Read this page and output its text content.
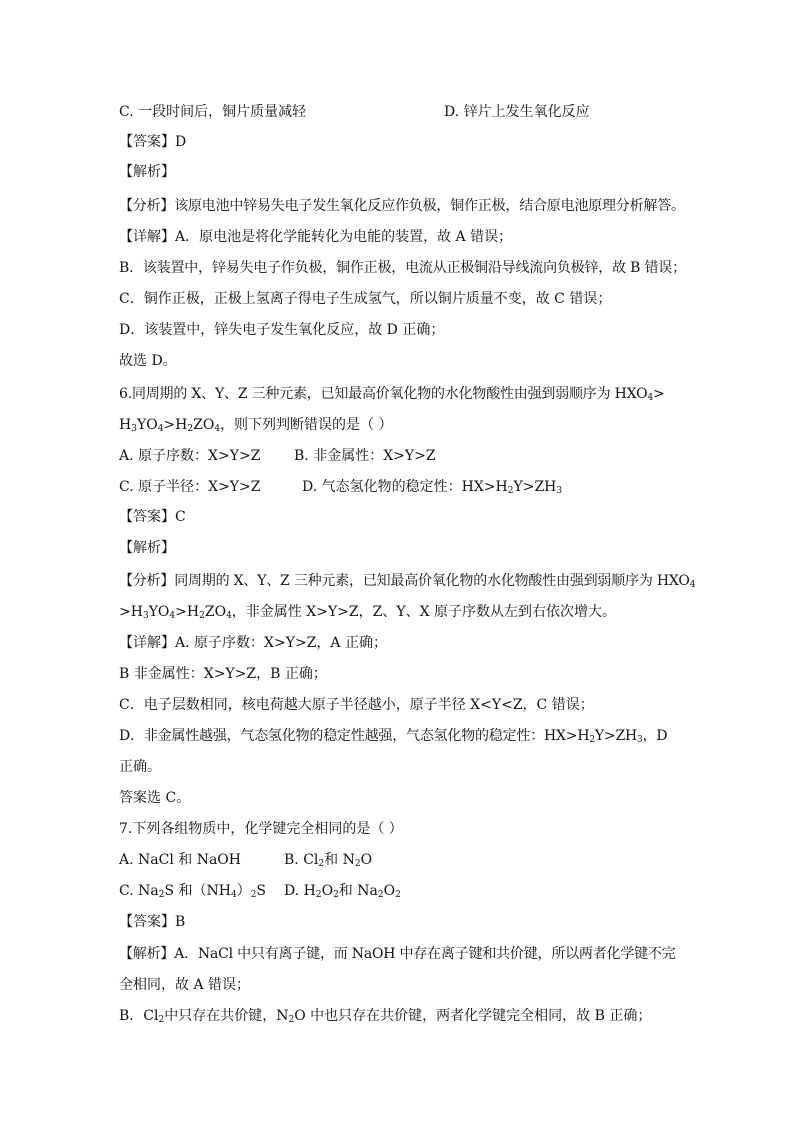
C. 一段时间后，铜片质量减轻	D. 锌片上发生氧化反应
【答案】D
【解析】
【分析】该原电池中锌易失电子发生氧化反应作负极，铜作正极，结合原电池原理分析解答。
【详解】A．原电池是将化学能转化为电能的装置，故 A 错误；
B．该装置中，锌易失电子作负极，铜作正极，电流从正极铜沿导线流向负极锌，故 B 错误；
C．铜作正极，正极上氢离子得电子生成氢气，所以铜片质量不变，故 C 错误；
D．该装置中，锌失电子发生氧化反应，故 D 正确；
故选 D。
6.同周期的 X、Y、Z 三种元素，已知最高价氧化物的水化物酸性由强到弱顺序为 $HXO_4>$
$H_3YO_4>H_2ZO_4$，则下列判断错误的是（ ）
A. 原子序数：X>Y>Z B. 非金属性：X>Y>Z
C. 原子半径：X>Y>Z	D. 气态氢化物的稳定性：$HX>H_2Y>ZH_3$
【答案】C
【解析】
【分析】同周期的 X、Y、Z 三种元素，已知最高价氧化物的水化物酸性由强到弱顺序为 $HXO_4$
$>H_3YO_4>H_2ZO_4$，非金属性 X>Y>Z，Z、Y、X 原子序数从左到右依次增大。
【详解】A. 原子序数：X>Y>Z，A 正确；
B 非金属性：X>Y>Z，B 正确；
C．电子层数相同，核电荷越大原子半径越小，原子半径 X<Y<Z，C 错误；
D．非金属性越强，气态氢化物的稳定性越强，气态氢化物的稳定性：$HX>H_2Y>ZH_3$，D
正确。
答案选 C。
7.下列各组物质中，化学键完全相同的是（ ）
A. NaCl 和 NaOH	B. $Cl_2$和 $N_2O$
C. $Na_2S$ 和$(NH_4)_2S$ D. $H_2O_2$和 $Na_2O_2$
【答案】B
【解析】A．NaCl 中只有离子键，而 NaOH 中存在离子键和共价键，所以两者化学键不完
全相同，故 A 错误；
B．$Cl_2$中只存在共价键，$N_2O$ 中也只存在共价键，两者化学键完全相同，故 B 正确；
